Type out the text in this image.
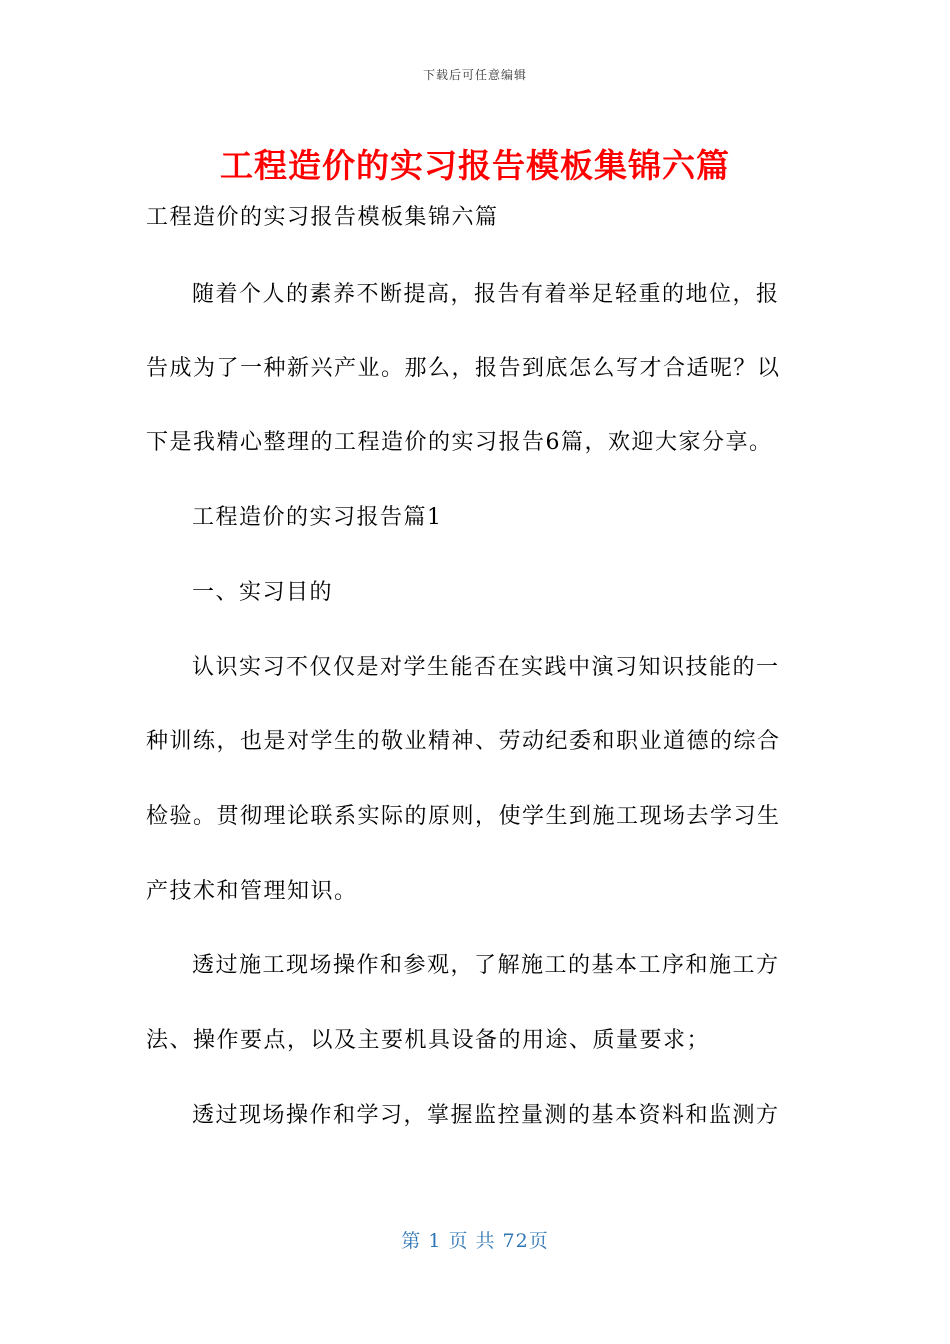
下载后可任意编辑
工程造价的实习报告模板集锦六篇
工程造价的实习报告模板集锦六篇
随着个人的素养不断提高，报告有着举足轻重的地位，报
告成为了一种新兴产业。那么，报告到底怎么写才合适呢？以
下是我精心整理的工程造价的实习报告6篇，欢迎大家分享。
工程造价的实习报告篇1
一、实习目的
认识实习不仅仅是对学生能否在实践中演习知识技能的一
种训练，也是对学生的敬业精神、劳动纪委和职业道德的综合
检验。贯彻理论联系实际的原则，使学生到施工现场去学习生
产技术和管理知识。
透过施工现场操作和参观，了解施工的基本工序和施工方
法、操作要点，以及主要机具设备的用途、质量要求；
透过现场操作和学习，掌握监控量测的基本资料和监测方
第 1 页 共 72页
